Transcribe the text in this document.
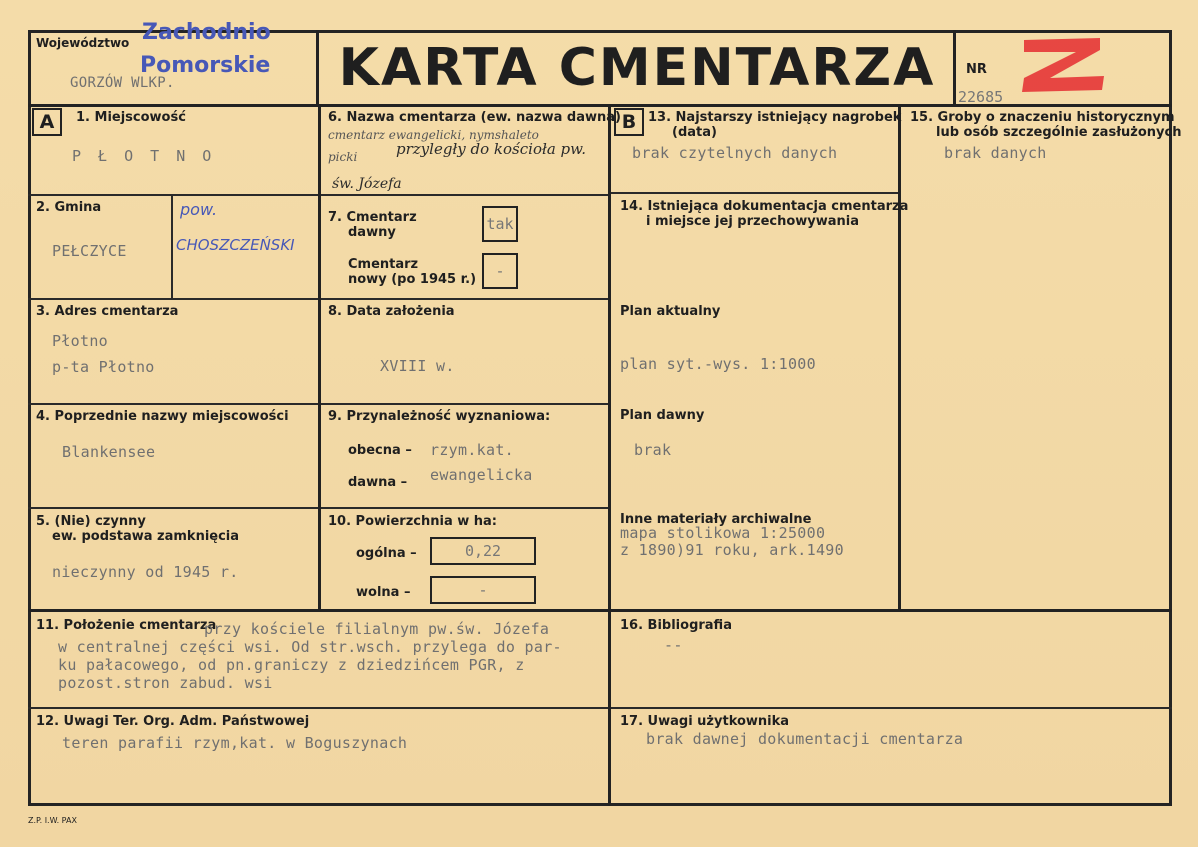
Województwo Zachodnio
Pomorskie
GORZÓW WLKP.	KARTA CMENTARZA	NR
22685
A	1. Miejscowość
P Ł O T N O
2. Gmina
PEŁCZYCE
pow.
CHOSZCZEŃSKI
3. Adres cmentarza
Płotno
p-ta Płotno
4. Poprzednie nazwy miejscowości
Blankensee
5. (Nie) czynny
ew. podstawa zamknięcia
nieczynny od 1945 r.
6. Nazwa cmentarza (ew. nazwa dawna)
cmentarz ewangelicki, nymshaleto
picki	przyległy do kościoła pw.
św. Józefa
7. Cmentarz
dawny	tak
Cmentarz
nowy (po 1945 r.)	-
8. Data założenia
XVIII w.
9. Przynależność wyznaniowa:
obecna – rzym.kat.
dawna – ewangelicka
10. Powierzchnia w ha:
ogólna –	0,22
wolna –	-
B 13. Najstarszy istniejący nagrobek
(data)
brak czytelnych danych
14. Istniejąca dokumentacja cmentarza
i miejsce jej przechowywania
Plan aktualny
plan syt.-wys. 1:1000
Plan dawny
brak
Inne materiały archiwalne
mapa stolikowa 1:25000
z 1890)91 roku, ark.1490
15. Groby o znaczeniu historycznym
lub osób szczególnie zasłużonych
brak danych
11. Położenie cmentarza
przy kościele filialnym pw.św. Józefa
w centralnej części wsi. Od str.wsch. przylega do par-
ku pałacowego, od pn.graniczy z dziedzińcem PGR, z
pozost.stron zabud. wsi
16. Bibliografia
--
12. Uwagi Ter. Org. Adm. Państwowej
teren parafii rzym,kat. w Boguszynach
17. Uwagi użytkownika
brak dawnej dokumentacji cmentarza
Z.P. I.W. PAX
